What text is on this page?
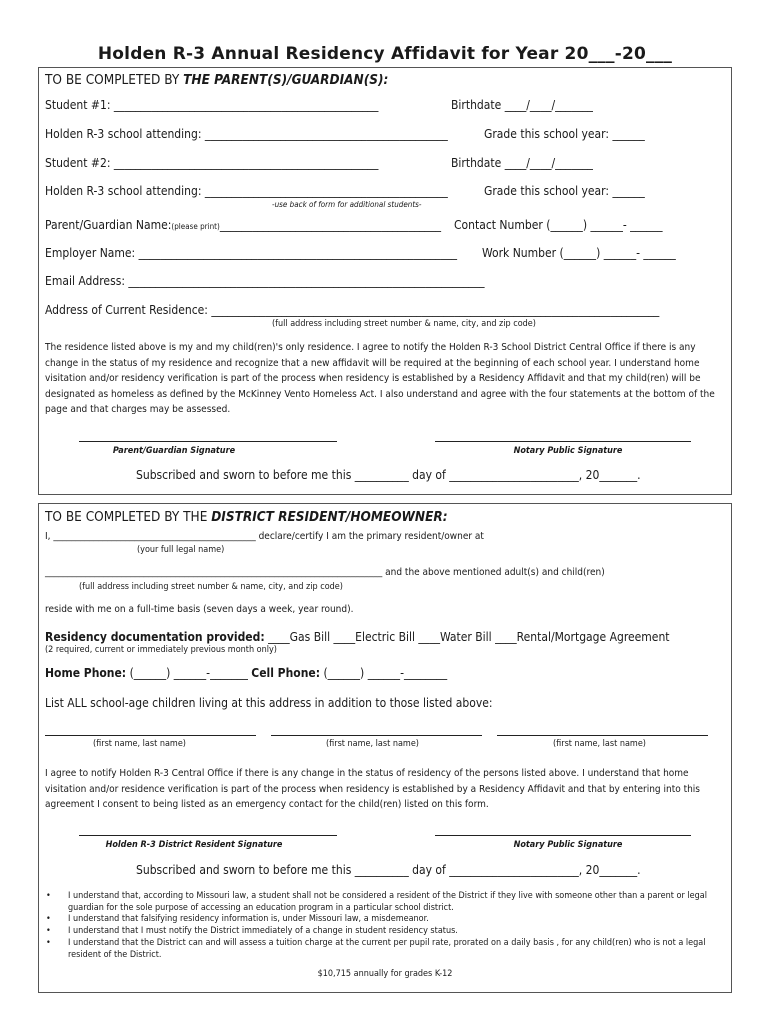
Holden R-3 Annual Residency Affidavit for Year 20___-20___
TO BE COMPLETED BY THE PARENT(S)/GUARDIAN(S):
Student #1: _________________________________________________	Birthdate ____/____/_______
Holden R-3 school attending: _____________________________________________	Grade this school year: ______
Student #2: _________________________________________________	Birthdate ____/____/_______
Holden R-3 school attending: _____________________________________________	Grade this school year: ______
-use back of form for additional students-
Parent/Guardian Name:(please print)_________________________________________ Contact Number (______) ______- ______
Employer Name: ___________________________________________________________ Work Number (______) ______- ______
Email Address: __________________________________________________________________
Address of Current Residence: ___________________________________________________________________________________
(full address including street number & name, city, and zip code)
The residence listed above is my and my child(ren)'s only residence. I agree to notify the Holden R-3 School District Central Office if there is any change in the status of my residence and recognize that a new affidavit will be required at the beginning of each school year. I understand home visitation and/or residency verification is part of the process when residency is established by a Residency Affidavit and that my child(ren) will be designated as homeless as defined by the McKinney Vento Homeless Act. I also understand and agree with the four statements at the bottom of the page and that charges may be assessed.
Parent/Guardian Signature	Notary Public Signature
Subscribed and sworn to before me this __________ day of ________________________, 20_______.
TO BE COMPLETED BY THE DISTRICT RESIDENT/HOMEOWNER:
I, _____________________________________________ declare/certify I am the primary resident/owner at
(your full legal name)
___________________________________________________________________________ and the above mentioned adult(s) and child(ren)
(full address including street number & name, city, and zip code)
reside with me on a full-time basis (seven days a week, year round).
Residency documentation provided: ____Gas Bill ____Electric Bill ____Water Bill ____Rental/Mortgage Agreement
(2 required, current or immediately previous month only)
Home Phone: (______) ______-_______ Cell Phone: (______) ______-________
List ALL school-age children living at this address in addition to those listed above:
(first name, last name)	(first name, last name)	(first name, last name)
I agree to notify Holden R-3 Central Office if there is any change in the status of residency of the persons listed above. I understand that home visitation and/or residence verification is part of the process when residency is established by a Residency Affidavit and that by entering into this agreement I consent to being listed as an emergency contact for the child(ren) listed on this form.
Holden R-3 District Resident Signature	Notary Public Signature
Subscribed and sworn to before me this __________ day of ________________________, 20_______.
• I understand that, according to Missouri law, a student shall not be considered a resident of the District if they live with someone other than a parent or legal guardian for the sole purpose of accessing an education program in a particular school district.
• I understand that falsifying residency information is, under Missouri law, a misdemeanor.
• I understand that I must notify the District immediately of a change in student residency status.
• I understand that the District can and will assess a tuition charge at the current per pupil rate, prorated on a daily basis , for any child(ren) who is not a legal resident of the District.
$10,715 annually for grades K-12
